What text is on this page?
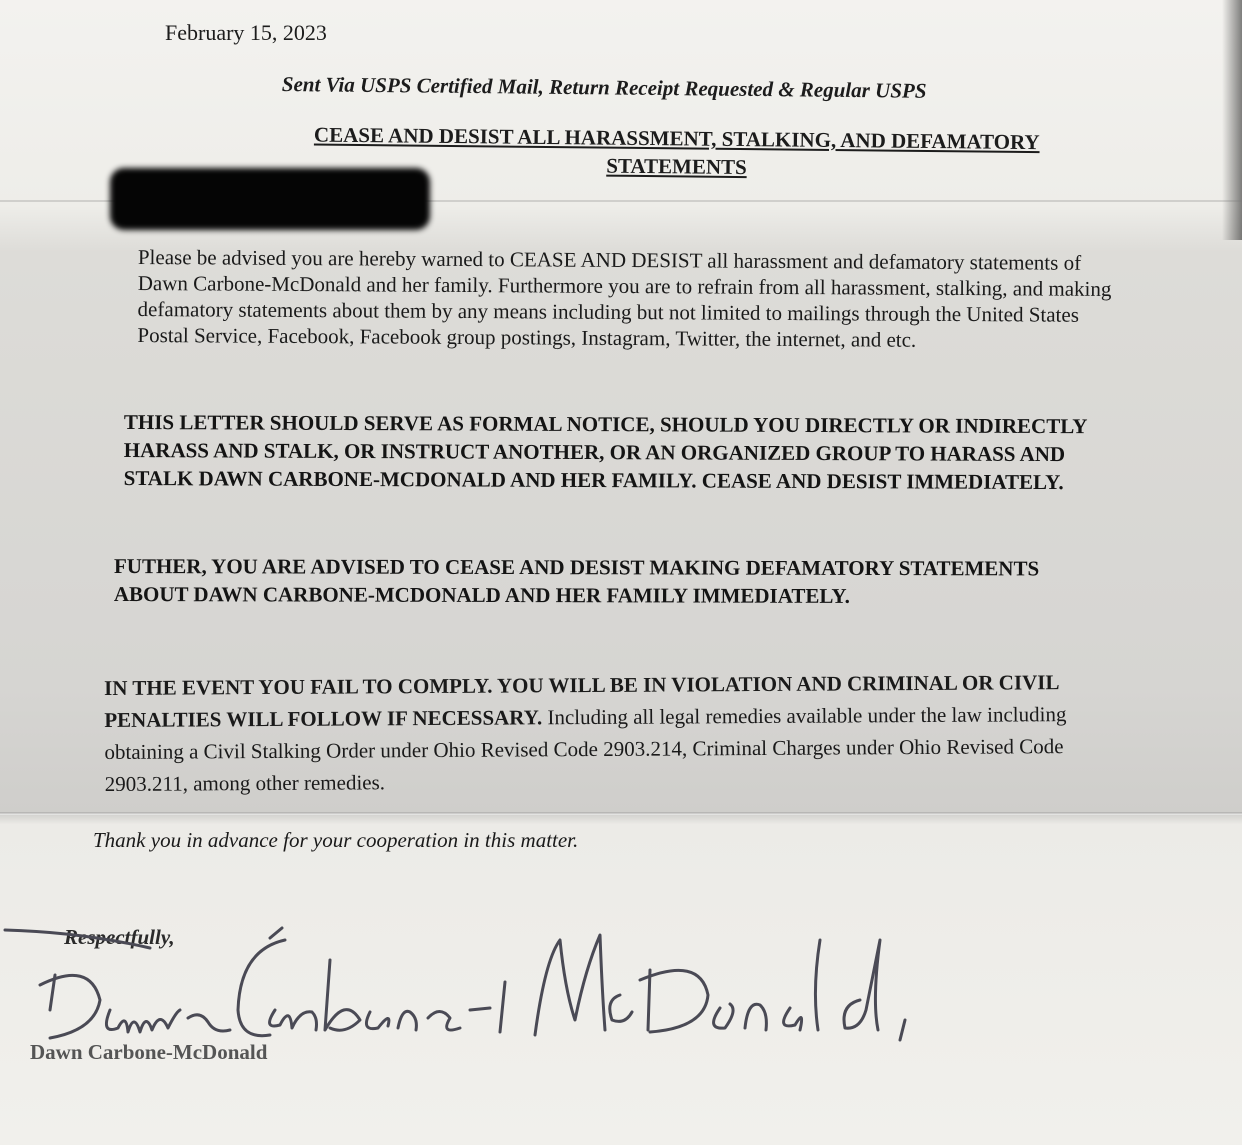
February 15, 2023
Sent Via USPS Certified Mail, Return Receipt Requested & Regular USPS
CEASE AND DESIST ALL HARASSMENT, STALKING, AND DEFAMATORY
STATEMENTS
Please be advised you are hereby warned to CEASE AND DESIST all harassment and defamatory statements of Dawn Carbone-McDonald and her family. Furthermore you are to refrain from all harassment, stalking, and making defamatory statements about them by any means including but not limited to mailings through the United States Postal Service, Facebook, Facebook group postings, Instagram, Twitter, the internet, and etc.
THIS LETTER SHOULD SERVE AS FORMAL NOTICE, SHOULD YOU DIRECTLY OR INDIRECTLY HARASS AND STALK, OR INSTRUCT ANOTHER, OR AN ORGANIZED GROUP TO HARASS AND STALK DAWN CARBONE-MCDONALD AND HER FAMILY. CEASE AND DESIST IMMEDIATELY.
FUTHER, YOU ARE ADVISED TO CEASE AND DESIST MAKING DEFAMATORY STATEMENTS ABOUT DAWN CARBONE-MCDONALD AND HER FAMILY IMMEDIATELY.
IN THE EVENT YOU FAIL TO COMPLY. YOU WILL BE IN VIOLATION AND CRIMINAL OR CIVIL PENALTIES WILL FOLLOW IF NECESSARY. Including all legal remedies available under the law including obtaining a Civil Stalking Order under Ohio Revised Code 2903.214, Criminal Charges under Ohio Revised Code 2903.211, among other remedies.
Thank you in advance for your cooperation in this matter.
Respectfully,
Dawn Carbone-McDonald
